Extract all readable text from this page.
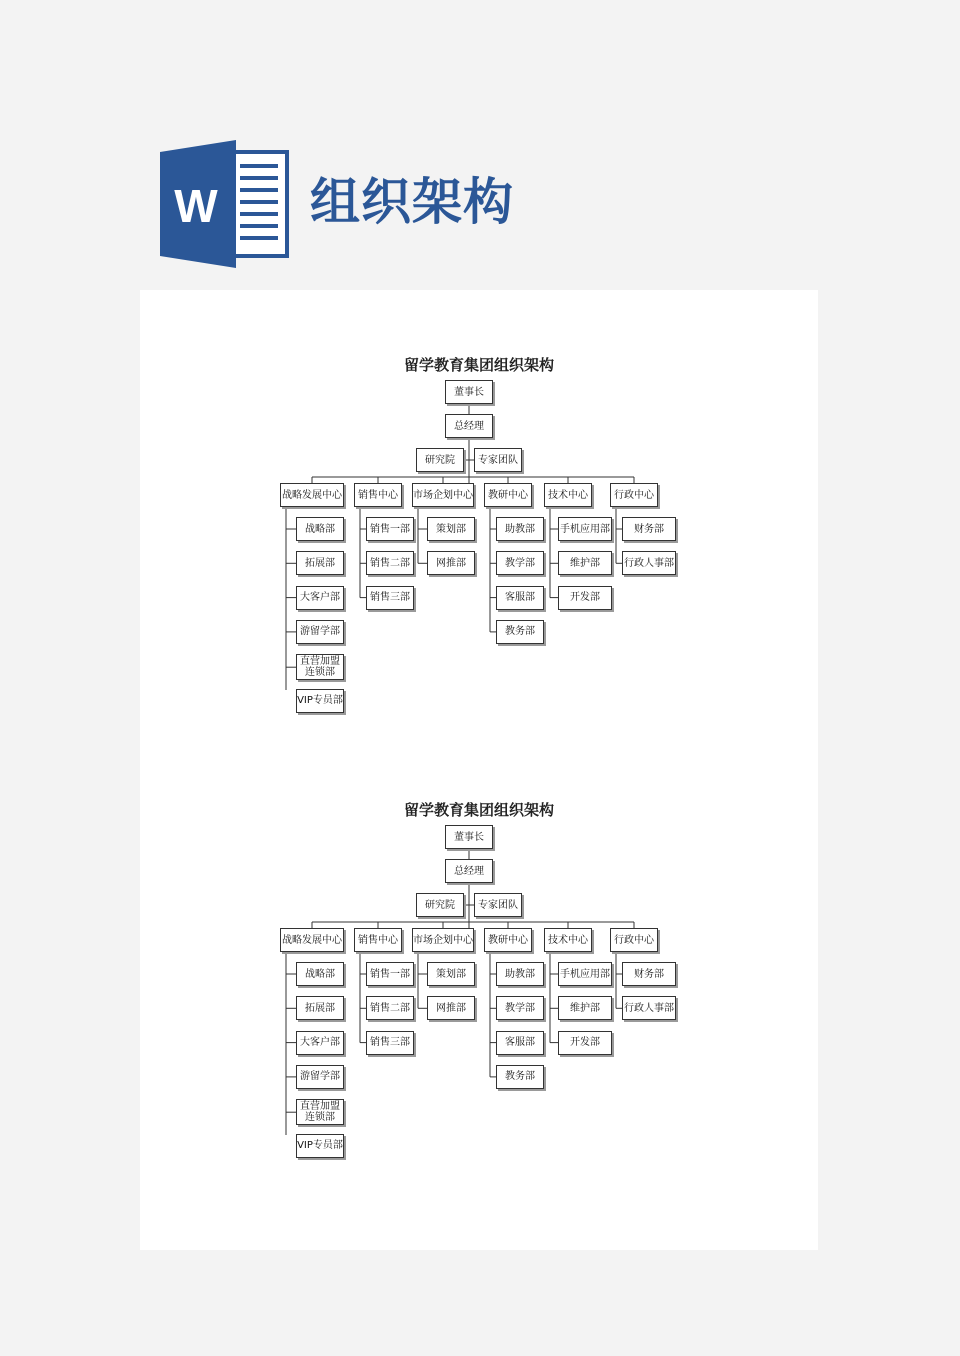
W 组织架构
留学教育集团组织架构
董事长
总经理
研究院	专家团队
战略发展中心
战略部
拓展部
大客户部
游留学部
直营加盟
连锁部
VIP专员部
销售中心
销售一部
销售二部
销售三部
市场企划中心
策划部
网推部
教研中心
助教部
教学部
客服部
教务部
技术中心
手机应用部
维护部
开发部
行政中心
财务部
行政人事部
留学教育集团组织架构
董事长
总经理
研究院	专家团队
战略发展中心
战略部
拓展部
大客户部
游留学部
直营加盟
连锁部
VIP专员部
销售中心
销售一部
销售二部
销售三部
市场企划中心
策划部
网推部
教研中心
助教部
教学部
客服部
教务部
技术中心
手机应用部
维护部
开发部
行政中心
财务部
行政人事部
